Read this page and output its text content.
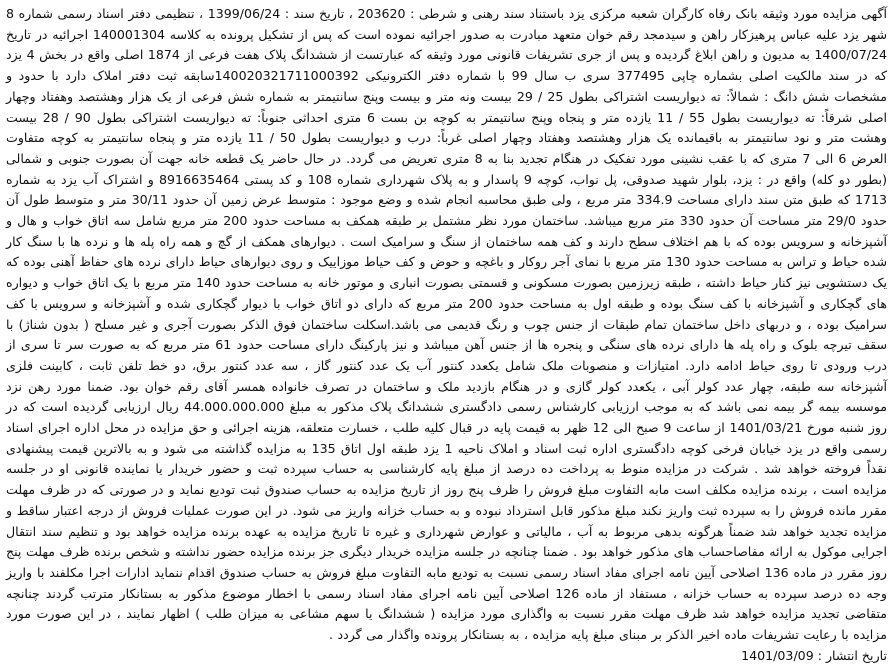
آگهی مزایده مورد وثیقه بانک رفاه کارگران شعبه مرکزی یزد باستناد سند رهنی و شرطی : 203620 ، تاریخ سند : 1399/06/24 ، تنظیمی دفتر اسناد رسمی شماره 8 شهر یزد علیه عباس پرهیزکار راهن و سیدمجد رقم خوان متعهد مبادرت به صدور اجرائیه نموده است که پس از تشکیل پرونده به کلاسه 140001304 اجرائیه در تاریخ 1400/07/24 به مدیون و راهن ابلاغ گردیده و پس از جری تشریفات قانونی مورد وثیقه که عبارتست از ششدانگ پلاک هفت فرعی از 1874 اصلی واقع در بخش 4 یزد که در سند مالکیت اصلی بشماره چاپی 377495 سری ب سال 99 با شماره دفتر الکترونیکی 140020321711000392سابقه ثبت دفتر املاک دارد با حدود و مشخصات شش دانگ : شمالاً: ته دیواریست اشتراکی بطول 25 / 29 بیست ونه متر و بیست وپنج سانتیمتر به شماره شش فرعی از یک هزار وهشتصد وهفتاد وچهار اصلی شرقاً: ته دیواریست بطول 55 / 11 یازده متر و پنجاه وپنج سانتیمتر به کوچه بن بست 6 متری احداثی جنوباً: ته دیواریست اشتراکی بطول 90 / 28 بیست وهشت متر و نود سانتیمتر به باقیمانده یک هزار وهشتصد وهفتاد وچهار اصلی غرباً: درب و دیواریست بطول 50 / 11 یازده متر و پنجاه سانتیمتر به کوچه متفاوت العرض 6 الی 7 متری که با عقب نشینی مورد تفکیک در هنگام تجدید بنا به 8 متری تعریض می گردد. در حال حاضر یک قطعه خانه جهت آن بصورت جنوبی و شمالی (بطور دو کله) واقع در : یزد، بلوار شهید صدوقی، پل نواب، کوچه 9 پاسدار و به پلاک شهرداری شماره 108 و کد پستی 8916635464 و اشتراک آب یزد به شماره 1713 که طبق متن سند دارای مساحت 334.9 متر مربع ، ولی طبق محاسبه انجام شده و وضع موجود : متوسط عرض زمین آن حدود 30/11 متر و متوسط طول آن حدود 29/0 متر مساحت آن حدود 330 متر مربع میباشد. ساختمان مورد نظر مشتمل بر طبقه همکف به مساحت حدود 200 متر مربع شامل سه اتاق خواب و هال و آشپزخانه و سرویس بوده که با هم اختلاف سطح دارند و کف همه ساختمان از سنگ و سرامیک است . دیوارهای همکف از گچ و همه راه پله ها و نرده ها با سنگ کار شده حیاط و تراس به مساحت حدود 130 متر مربع با نمای آجر روکار و باغچه و حوض و کف حیاط موزاییک و روی دیوارهای حیاط دارای نرده های حفاظ آهنی بوده که یک دستشویی نیز کنار حیاط داشته ، طبقه زیرزمین بصورت مسکونی و قسمتی بصورت انباری و موتور خانه به مساحت حدود 140 متر مربع با یک اتاق خواب و دیواره های گچکاری و آشپزخانه با کف سنگ بوده و طبقه اول به مساحت حدود 200 متر مربع که دارای دو اتاق خواب با دیوار گچکاری شده و آشپزخانه و سرویس با کف سرامیک بوده ، و دربهای داخل ساختمان تمام طبقات از جنس چوب و رنگ قدیمی می باشد.اسکلت ساختمان فوق الذکر بصورت آجری و غیر مسلح ( بدون شناژ) با سقف تیرچه بلوک و راه پله ها دارای نرده های سنگی و پنجره ها از جنس آهن میباشد و نیز پارکینگ دارای مساحت حدود 61 متر مربع که به صورت سر تا سری از درب ورودی تا روی حیاط ادامه دارد. امتیازات و منصوبات ملک شامل یکعدد کنتور آب یک عدد کنتور گاز ، سه عدد کنتور برق، دو خط تلفن ثابت ، کابینت فلزی آشپزخانه سه طبقه، چهار عدد کولر آبی ، یکعدد کولر گازی و در هنگام بازدید ملک و ساختمان در تصرف خانواده همسر آقای رقم خوان بود. ضمنا مورد رهن نزد موسسه بیمه گر بیمه نمی باشد که به موجب ارزیابی کارشناس رسمی دادگستری ششدانگ پلاک مذکور به مبلغ 44.000.000.000 ریال ارزیابی گردیده است که در روز شنبه مورخ 1401/03/21 از ساعت 9 صبح الی 12 ظهر به قیمت پایه در قبال کلیه طلب ، خسارت متعلقه، هزینه اجرائی و حق مزایده در محل اداره اجرای اسناد رسمی واقع در یزد خیابان فرخی کوچه دادگستری اداره ثبت اسناد و املاک ناحیه 1 یزد طبقه اول اتاق 135 به مزایده گذاشته می شود و به بالاترین قیمت پیشنهادی نقداً فروخته خواهد شد . شرکت در مزایده منوط به پرداخت ده درصد از مبلغ پایه کارشناسی به حساب سپرده ثبت و حضور خریدار یا نماینده قانونی او در جلسه مزایده است ، برنده مزایده مکلف است مابه التفاوت مبلغ فروش را ظرف پنج روز از تاریخ مزایده به حساب صندوق ثبت تودیع نماید و در صورتی که در ظرف مهلت مقرر مانده فروش را به سپرده ثبت واریز نکند مبلغ مذکور قابل استرداد نبوده و به حساب خزانه واریز می شود. در این صورت عملیات فروش از درجه اعتبار ساقط و مزایده تجدید خواهد شد ضمناً هرگونه بدهی مربوط به آب ، مالیاتی و عوارض شهرداری و غیره تا تاریخ مزایده به عهده برنده مزایده خواهد بود و تنظیم سند انتقال اجرایی موکول به ارائه مفاصاحساب های مذکور خواهد بود . ضمنا چنانچه در جلسه مزایده خریدار دیگری جز برنده مزایده حضور نداشته و شخص برنده ظرف مهلت پنج روز مقرر در ماده 136 اصلاحی آیین نامه اجرای مفاد اسناد رسمی نسبت به تودیع مابه التفاوت مبلغ فروش به حساب صندوق اقدام ننماید ادارات اجرا مکلفند با واریز وجه ده درصد سپرده به حساب خزانه ، مستفاد از ماده 126 اصلاحی آیین نامه اجرای مفاد اسناد رسمی با اخطار موضوع مذکور به بستانکار مترتب گردند چنانچه متقاضی تجدید مزایده خواهد شد ظرف مهلت مقرر نسبت به واگذاری مورد مزایده ( ششدانگ یا سهم مشاعی به میزان طلب ) اظهار نمایند ، در این صورت مورد مزایده با رعایت تشریفات ماده اخیر الذکر بر مبنای مبلغ پایه مزایده ، به بستانکار پرونده واگذار می گردد .

تاریخ انتشار : 1401/03/09
